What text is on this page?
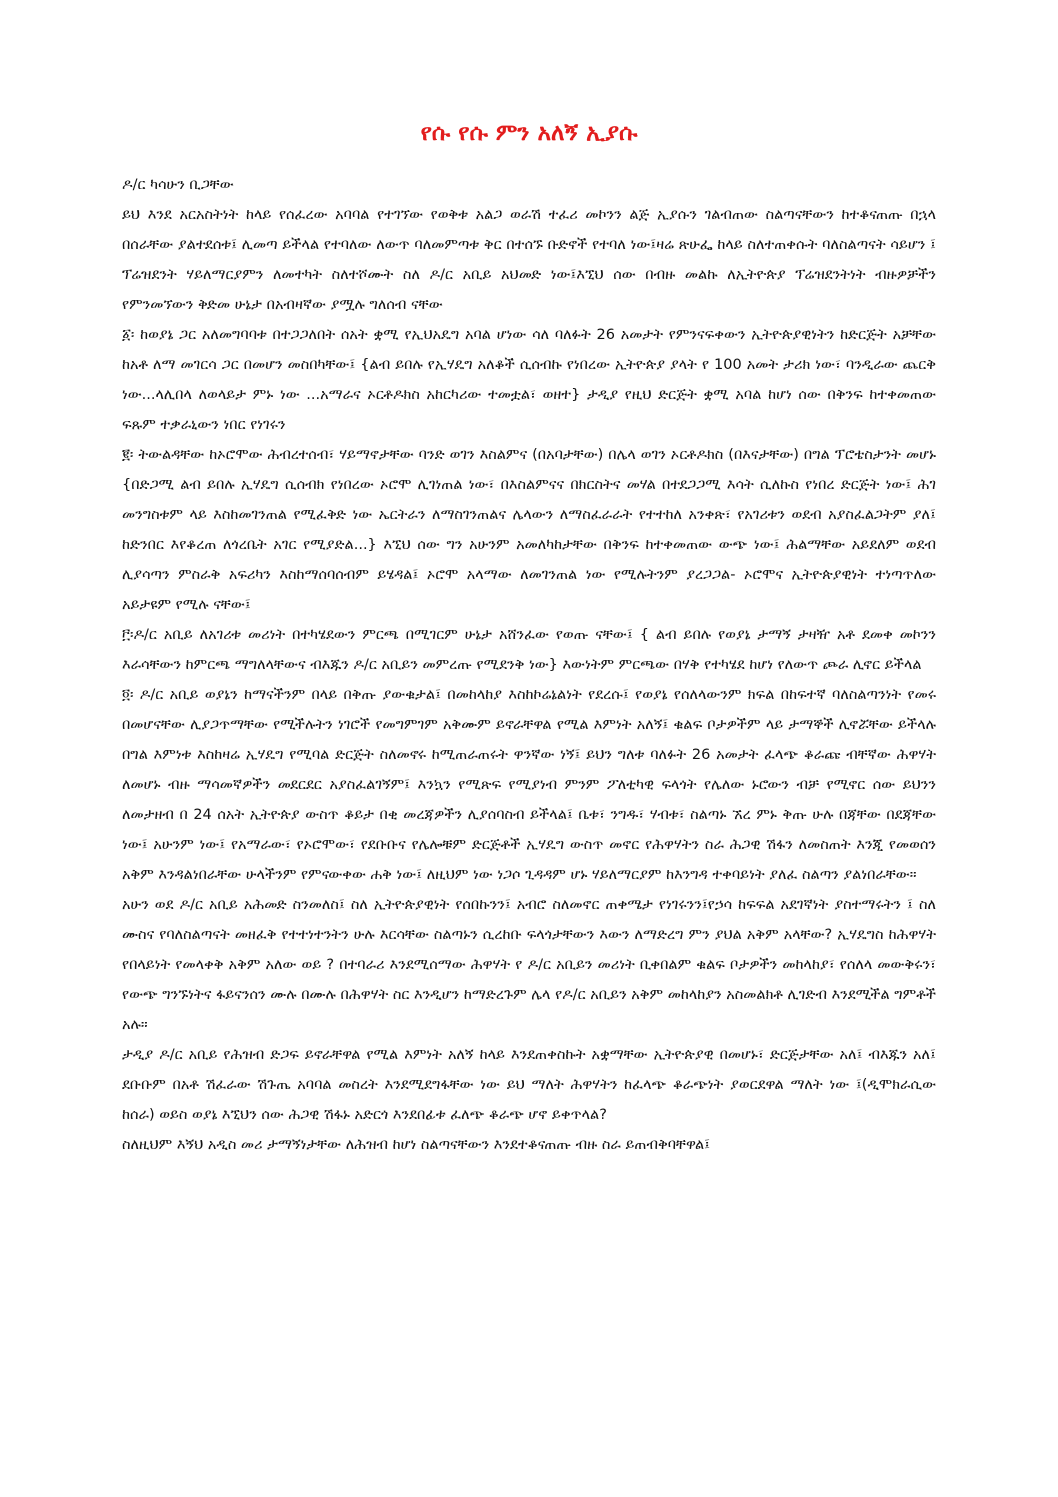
የሱ የሱ ምን አለኝ ኢያሱ

ዶ/ር ካሳሁን ቢጋቸው

ይህ እንደ አርአስትነት ከላይ የሰፈረው አባባል የተገኘው የወቅቱ አልጋ ወራሽ ተፈሪ መኮንን ልጅ ኢያሱን ገልብጠው ስልጣናቸውን ከተቆናጠጡ በኋላ በሰራቸው ያልተደሰቱ፤ ሊመጣ ይችላል የተባለው ለውጥ ባለመምጣቱ ቅር በተሰኙ ቡድኖች የተባለ ነው፤ዛሬ ጽሁፌ ከላይ ስለተጠቀሱት ባለስልጣናት ሳይሆን ፤ ፕሬዝደንት ሃይለማርያምን ለመተካት ስለተሾሙት ስለ ዶ/ር አቢይ አህመድ ነው፤እኚህ ሰው በብዙ መልኩ ለኢትዮጵያ ፕሬዝደንትነት ብዙዎቻችን የምንመኘውን ቅድመ ሁኔታ በአብዛኛው ያሟሉ ግለሰብ ናቸው

፩፡ ከወያኔ ጋር አለመግባባቱ በተጋጋለበት ሰአት ቋሚ የኢህአዴግ አባል ሆነው ሳለ ባለፉት 26 አመታት የምንናፍቀውን ኢትዮጵያዊነትን ከድርጅት አቻቸው ከአቶ ለማ መገርሳ ጋር በመሆን መስበካቸው፤ {ልብ ይበሉ የኢሃዴግ አለቆች ሲሰብኩ የነበረው ኢትዮጵያ ያላት የ 100 አመት ታሪክ ነው፣ ባንዲራው ጨርቅ ነው...ላሊበላ ለወላይታ ምኑ ነው ...አማራና ኦርቶዶክስ አከርካሪው ተመቷል፣ ወዘተ} ታዲያ የዚህ ድርጅት ቋሚ አባል ከሆነ ሰው በቅንፍ ከተቀመጠው ፍጹም ተቃራኒውን ነበር የነገሩን

፪፡ ትውልዳቸው ከኦሮሞው ሕብረተሰብ፣ ሃይማኖታቸው ባንድ ወገን እስልምና (በአባታቸው) በሌላ ወገን ኦርቶዶክስ (በእናታቸው) በግል ፕሮቴስታንት መሆኑ {በድጋሚ ልብ ይበሉ ኢሃዴግ ሲሰብክ የነበረው ኦሮሞ ሊገነጠል ነው፣ በእስልምናና በክርስትና መሃል በተደጋጋሚ እሳት ሲለኩስ የነበረ ድርጅት ነው፤ ሕገ መንግስቱም ላይ እስከመገንጠል የሚፈቅድ ነው ኤርትራን ለማስገንጠልና ሌላውን ለማስፈራራት የተተከለ አንቀጽ፣ የአገሪቱን ወደብ አያስፈልጋትም ያለ፤ ከድንበር እየቆረጠ ለጎረቤት አገር የሚያድል...} እኚህ ሰው ግን አሁንም አመለካከታቸው በቅንፍ ከተቀመጠው ውጭ ነው፤ ሕልማቸው አይደለም ወደብ ሊያሳጣን ምስራቅ አፍሪካን እስከማሰባሰብም ይሄዳል፤ ኦሮሞ አላማው ለመገንጠል ነው የሚሉትንም ያረጋጋል- ኦሮሞና ኢትዮጵያዊነት ተነጣጥለው አይታዩም የሚሉ ናቸው፤

፫፡ዶ/ር አቢይ ለአገሪቱ መሪነት በተካሄደውን ምርጫ በሚገርም ሁኔታ አሸንፈው የወጡ ናቸው፤ { ልብ ይበሉ የወያኔ ታማኝ ታዛዥ አቶ ደመቀ መኮንን እራሳቸውን ከምርጫ ማግለላቸውና ብእጁን ዶ/ር አቢይን መምረጡ የሚደንቅ ነው} እውነትም ምርጫው በሃቅ የተካሄደ ከሆነ የለውጥ ጮራ ሊኖር ይችላል

፬፡ ዶ/ር አቢይ ወያኔን ከማናችንም በላይ በቅጡ ያውቁታል፤ በመከላከያ እስከኮሬኔልነት የደረሱ፤ የወያኔ የሰለላውንም ክፍል በከፍተኛ ባለስልጣንነት የመሩ በመሆናቸው ሊያጋጥማቸው የሚችሉትን ነገሮች የመግምገም አቅሙም ይኖራቸዋል የሚል እምነት አለኝ፤ ቁልፍ ቦታዎችም ላይ ታማኞች ሊኖሯቸው ይችላሉ በግል እምነቱ እስከዛሬ ኢሃዴግ የሚባል ድርጅት ስለመኖሩ ከሚጠራጠሩት ዋንኛው ነኝ፤ ይህን ግለቱ ባለፉት 26 አመታት ፈላጭ ቆራጩ ብቸኛው ሕዋሃት ለመሆኑ ብዙ ማሳመኛዎችን መደርደር አያስፈልገኝም፤ እንኳን የሚጽፍ የሚያነብ ምንም ፖለቲካዊ ፍላጎት የሌለው ኑሮውን ብቻ የሚኖር ሰው ይህንን ለመታዘብ በ 24 ሰአት ኢትዮጵያ ውስጥ ቆይታ በቂ መረጃዎችን ሊያሰባስብ ይችላል፤ ቤቱ፣ ንግዱ፣ ሃብቱ፣ ስልጣኑ ኧረ ምኑ ቅጡ ሁሉ በጃቸው በደጃቸው ነው፤ አሁንም ነው፤ የአማራው፣ የኦሮሞው፣ የደቡቡና የሌሎቹም ድርጅቶች ኢሃዴግ ውስጥ መኖር የሕዋሃትን ስራ ሕጋዊ ሽፋን ለመስጠት እንጂ የመወሰን አቅም እንዳልነበራቸው ሁላችንም የምናውቀው ሐቅ ነው፤ ለዚህም ነው ነጋሶ ጊዳዳም ሆኑ ሃይለማርያም ከእንግዳ ተቀባይነት ያለፈ ስልጣን ያልነበራቸው።

አሁን ወደ ዶ/ር አቢይ አሕመድ ስንመለስ፤ ስለ ኢትዮጵያዊነት የሰበኩንን፤ አብሮ ስለመኖር ጠቀሜታ የነገሩንን፤የኃሳ ከፍፍል አደገኛነት ያስተማሩትን ፤ ስለ ሙስና የባለስልጣናት መዘፈቅ የተተነተንትን ሁሉ እርሳቸው ስልጣኑን ሲረከቡ ፍላጎታቸውን እውን ለማድረግ ምን ያህል አቅም አላቸው? ኢሃዴግስ ከሕዋሃት የበላይነት የመላቀቅ አቅም አለው ወይ ? በተባራሪ እንደሚሰማው ሕዋሃት የ ዶ/ር አቢይን መሪነት ቢቀበልም ቁልፍ ቦታዎችን መከላከያ፣ የሰለላ መውቅሩን፣ የውጭ ግንኙነትና ፋይናንሰን ሙሉ በሙሉ በሕዋሃት ስር እንዲሆን ከማድረጉም ሌላ የዶ/ር አቢይን አቅም መከላከያን አስመልክቶ ሊገድብ እንደሚችል ግምቶች አሉ።

ታዲያ ዶ/ር አቢይ የሕዝብ ድጋፍ ይኖራቸዋል የሚል እምነት አለኝ ከላይ እንደጠቀስኩት አቋማቸው ኢትዮጵያዊ በመሆኑ፣ ድርጅታቸው አለ፤ ብእጁን አለ፤ ደቡቡም በአቶ ሽፈራው ሽጉጤ አባባል መስረት እንደሚደግፋቸው ነው ይህ ማለት ሕዋሃትን ከፈላጭ ቆራጭነት ያወርደዋል ማለት ነው ፤(ዲሞክራሲው ከሰራ) ወይስ ወያኔ እኚህን ሰው ሕጋዊ ሽፋኑ አድርጎ እንደበፊቱ ፈለጭ ቆራጭ ሆኖ ይቀጥላል?

ስለዚህም እኝህ አዲስ መሪ ታማኝነታቸው ለሕዝብ ከሆነ ስልጣናቸውን እንደተቆናጠጡ ብዙ ስራ ይጠብቅባቸዋል፤
